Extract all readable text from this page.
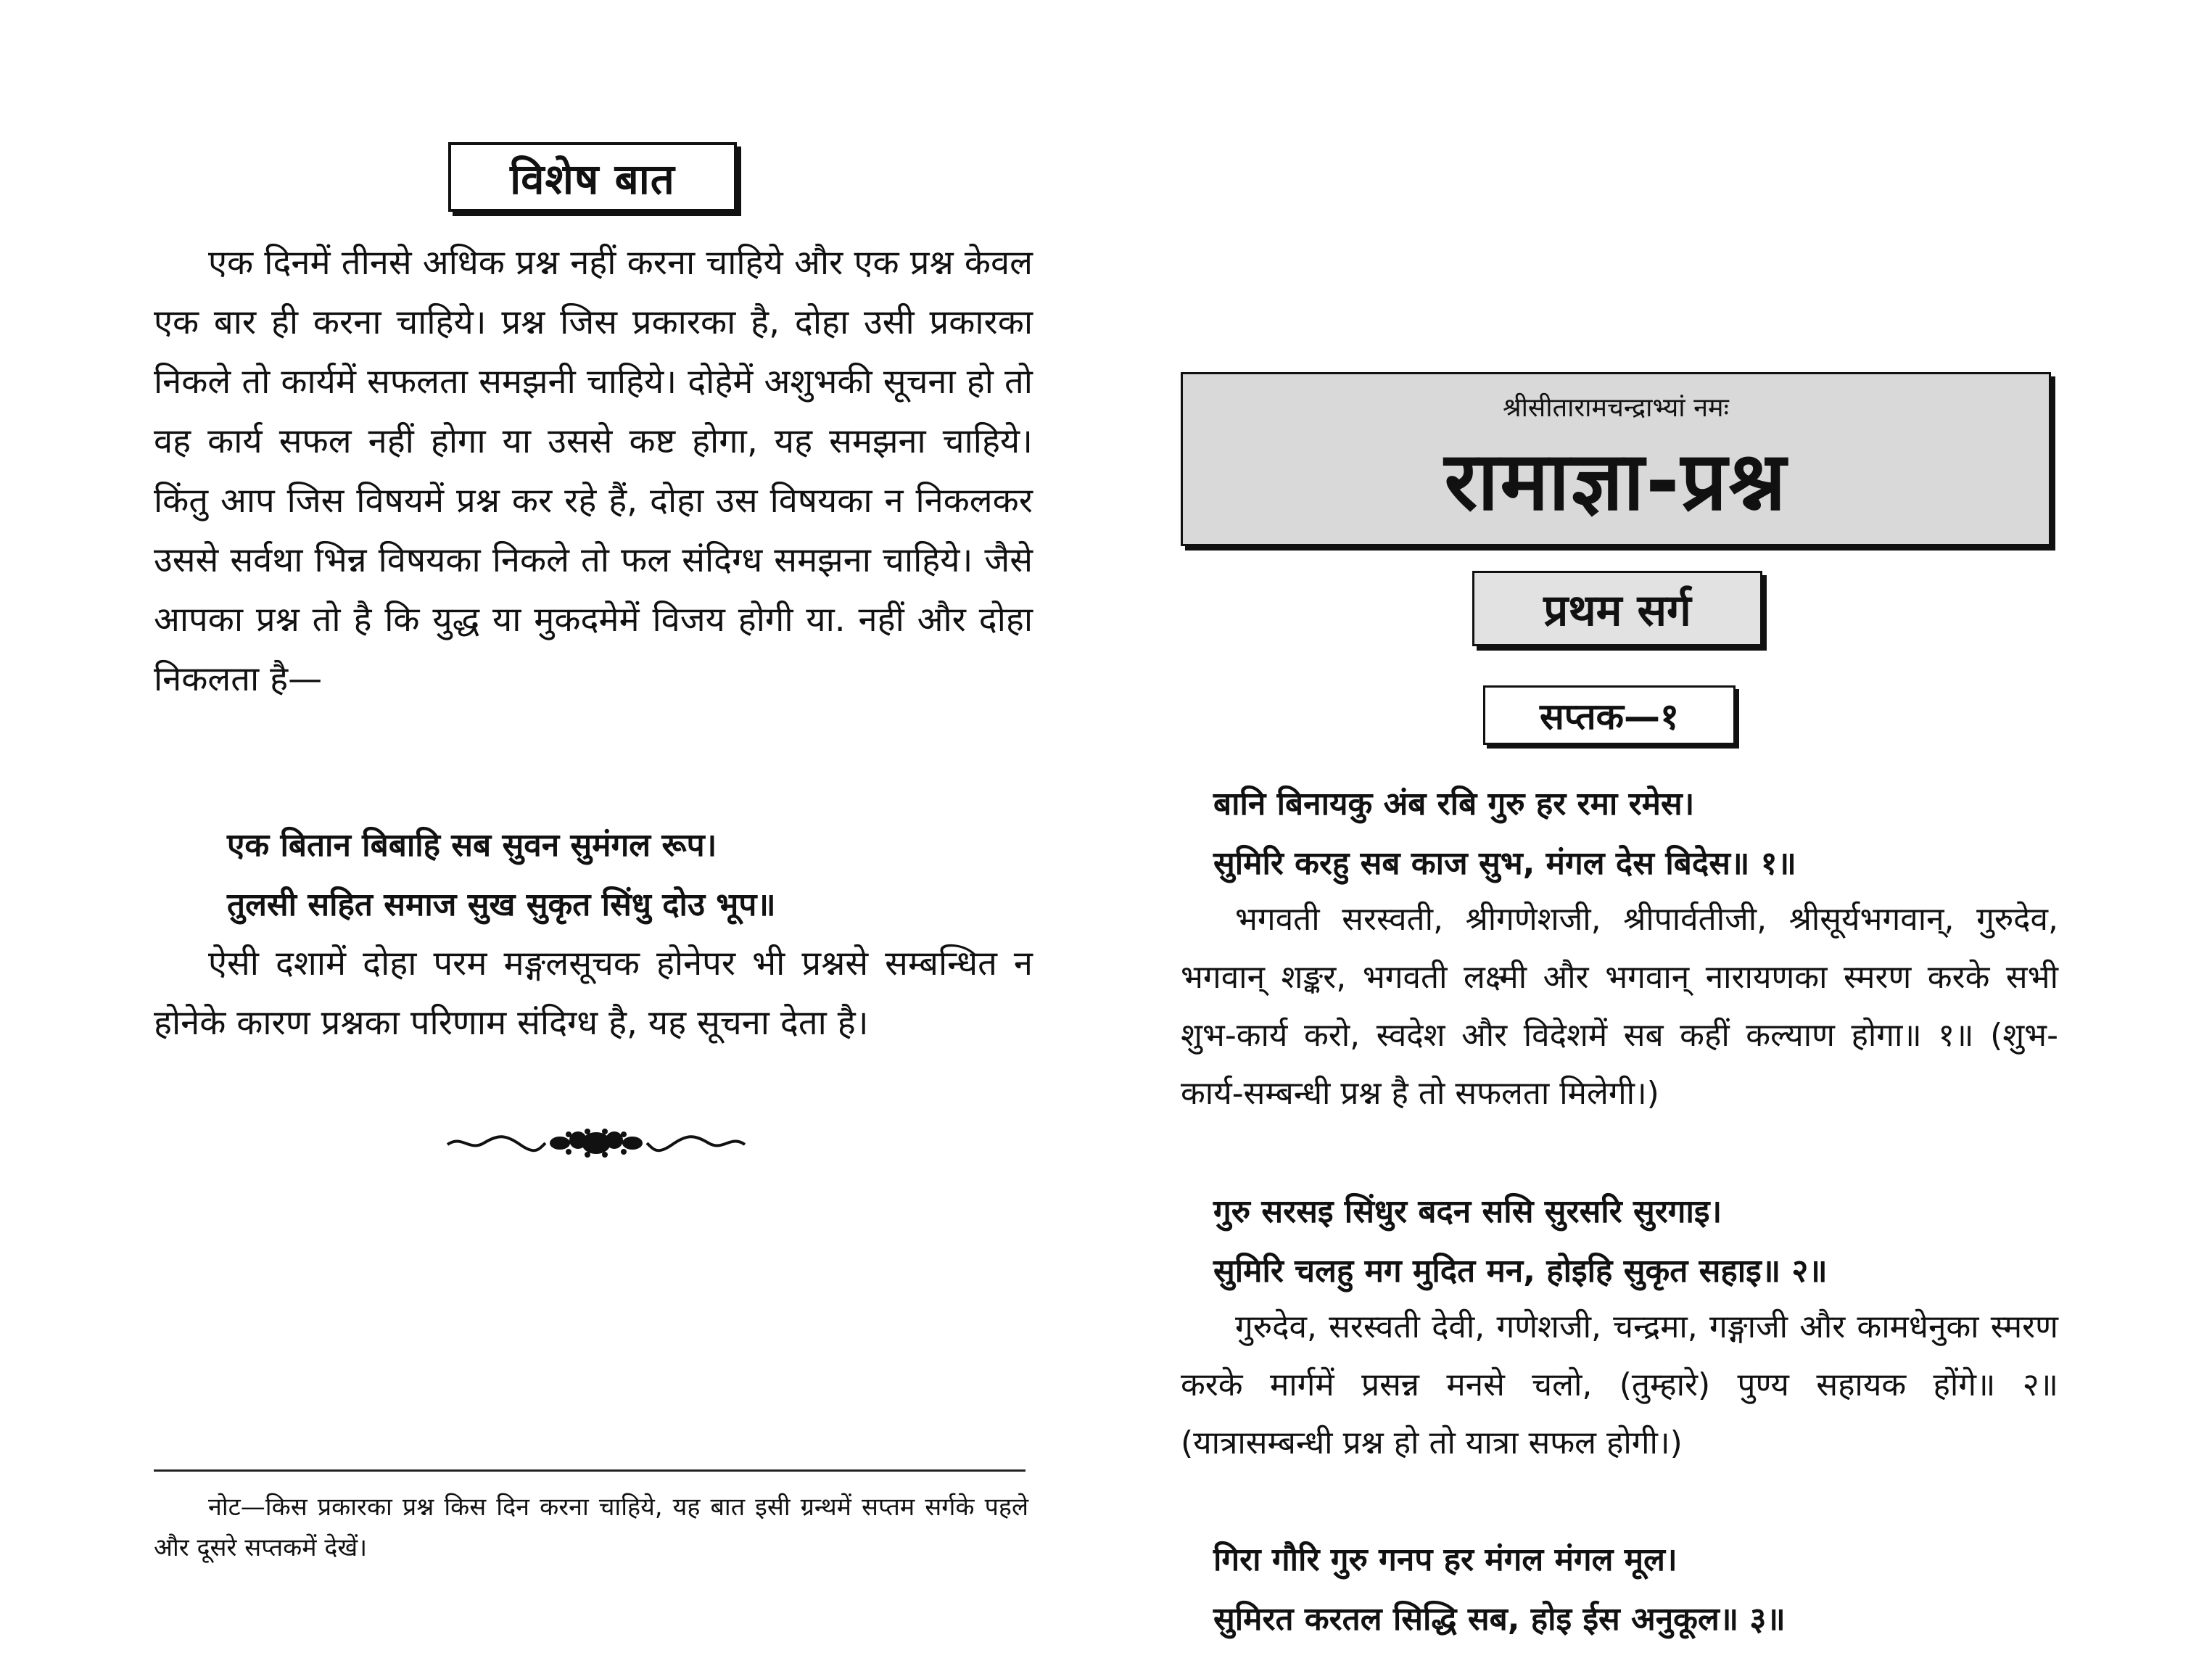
विशेष बात

एक दिनमें तीनसे अधिक प्रश्न नहीं करना चाहिये और एक प्रश्न केवल एक बार ही करना चाहिये। प्रश्न जिस प्रकारका है, दोहा उसी प्रकारका निकले तो कार्यमें सफलता समझनी चाहिये। दोहेमें अशुभकी सूचना हो तो वह कार्य सफल नहीं होगा या उससे कष्ट होगा, यह समझना चाहिये। किंतु आप जिस विषयमें प्रश्न कर रहे हैं, दोहा उस विषयका न निकलकर उससे सर्वथा भिन्न विषयका निकले तो फल संदिग्ध समझना चाहिये। जैसे आपका प्रश्न तो है कि युद्ध या मुकदमेमें विजय होगी या. नहीं और दोहा निकलता है—

एक बितान बिबाहि सब सुवन सुमंगल रूप।

तुलसी सहित समाज सुख सुकृत सिंधु दोउ भूप॥

ऐसी दशामें दोहा परम मङ्गलसूचक होनेपर भी प्रश्नसे सम्बन्धित न होनेके कारण प्रश्नका परिणाम संदिग्ध है, यह सूचना देता है।

नोट—किस प्रकारका प्रश्न किस दिन करना चाहिये, यह बात इसी ग्रन्थमें सप्तम सर्गके पहले और दूसरे सप्तकमें देखें।

श्रीसीतारामचन्द्राभ्यां नमः
रामाज्ञा-प्रश्न
प्रथम सर्ग
सप्तक—१

बानि बिनायकु अंब रबि गुरु हर रमा रमेस।

सुमिरि करहु सब काज सुभ, मंगल देस बिदेस॥ १॥

भगवती सरस्वती, श्रीगणेशजी, श्रीपार्वतीजी, श्रीसूर्यभगवान्, गुरुदेव, भगवान् शङ्कर, भगवती लक्ष्मी और भगवान् नारायणका स्मरण करके सभी शुभ-कार्य करो, स्वदेश और विदेशमें सब कहीं कल्याण होगा॥ १॥ (शुभ-कार्य-सम्बन्धी प्रश्न है तो सफलता मिलेगी।)

गुरु सरसइ सिंधुर बदन ससि सुरसरि सुरगाइ।

सुमिरि चलहु मग मुदित मन, होइहि सुकृत सहाइ॥ २॥

गुरुदेव, सरस्वती देवी, गणेशजी, चन्द्रमा, गङ्गाजी और कामधेनुका स्मरण करके मार्गमें प्रसन्न मनसे चलो, (तुम्हारे) पुण्य सहायक होंगे॥ २॥ (यात्रासम्बन्धी प्रश्न हो तो यात्रा सफल होगी।)

गिरा गौरि गुरु गनप हर मंगल मंगल मूल।

सुमिरत करतल सिद्धि सब, होइ ईस अनुकूल॥ ३॥
